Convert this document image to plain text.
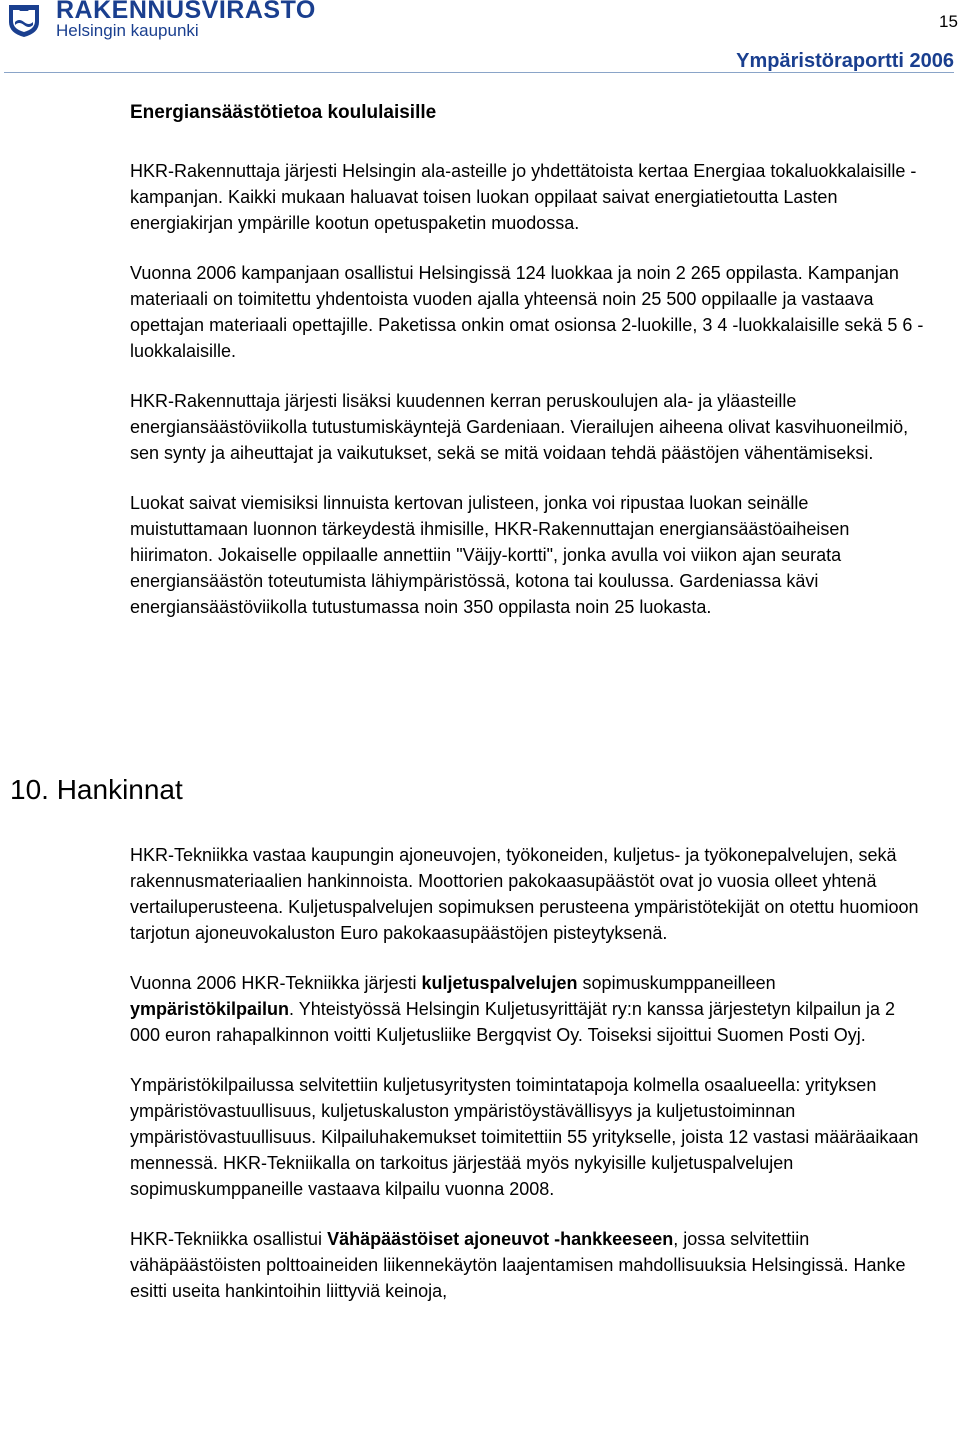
RAKENNUSVIRASTO
Helsingin kaupunki	15
Ympäristöraportti 2006
Energiansäästötietoa koululaisille

HKR-Rakennuttaja järjesti Helsingin ala-asteille jo yhdettätoista kertaa Energiaa tokaluokkalaisille -kampanjan. Kaikki mukaan haluavat toisen luokan oppilaat saivat energiatietoutta Lasten energiakirjan ympärille kootun opetuspaketin muodossa.

Vuonna 2006 kampanjaan osallistui Helsingissä 124 luokkaa ja noin 2 265 oppilasta. Kampanjan materiaali on toimitettu yhdentoista vuoden ajalla yhteensä noin 25 500 oppilaalle ja vastaava opettajan materiaali opettajille. Paketissa onkin omat osionsa 2-luokille, 3 4 -luokkalaisille sekä 5 6 - luokkalaisille.

HKR-Rakennuttaja järjesti lisäksi kuudennen kerran peruskoulujen ala- ja yläasteille energiansäästöviikolla tutustumiskäyntejä Gardeniaan. Vierailujen aiheena olivat kasvihuoneilmiö, sen synty ja aiheuttajat ja vaikutukset, sekä se mitä voidaan tehdä päästöjen vähentämiseksi.

Luokat saivat viemisiksi linnuista kertovan julisteen, jonka voi ripustaa luokan seinälle muistuttamaan luonnon tärkeydestä ihmisille, HKR-Rakennuttajan energiansäästöaiheisen hiirimaton. Jokaiselle oppilaalle annettiin "Väijy-kortti", jonka avulla voi viikon ajan seurata energiansäästön toteutumista lähiympäristössä, kotona tai koulussa. Gardeniassa kävi energiansäästöviikolla tutustumassa noin 350 oppilasta noin 25 luokasta.

10. Hankinnat

HKR-Tekniikka vastaa kaupungin ajoneuvojen, työkoneiden, kuljetus- ja työkonepalvelujen, sekä rakennusmateriaalien hankinnoista. Moottorien pakokaasupäästöt ovat jo vuosia olleet yhtenä vertailuperusteena. Kuljetuspalvelujen sopimuksen perusteena ympäristötekijät on otettu huomioon tarjotun ajoneuvokaluston Euro pakokaasupäästöjen pisteytyksenä.

Vuonna 2006 HKR-Tekniikka järjesti kuljetuspalvelujen sopimuskumppaneilleen ympäristökilpailun. Yhteistyössä Helsingin Kuljetusyrittäjät ry:n kanssa järjestetyn kilpailun ja 2 000 euron rahapalkinnon voitti Kuljetusliike Bergqvist Oy. Toiseksi sijoittui Suomen Posti Oyj.

Ympäristökilpailussa selvitettiin kuljetusyritysten toimintatapoja kolmella osaalueella: yrityksen ympäristövastuullisuus, kuljetuskaluston ympäristöystävällisyys ja kuljetustoiminnan ympäristövastuullisuus. Kilpailuhakemukset toimitettiin 55 yritykselle, joista 12 vastasi määräaikaan mennessä. HKR-Tekniikalla on tarkoitus järjestää myös nykyisille kuljetuspalvelujen sopimuskumppaneille vastaava kilpailu vuonna 2008.

HKR-Tekniikka osallistui Vähäpäästöiset ajoneuvot -hankkeeseen, jossa selvitettiin vähäpäästöisten polttoaineiden liikennekäytön laajentamisen mahdollisuuksia Helsingissä. Hanke esitti useita hankintoihin liittyviä keinoja,
